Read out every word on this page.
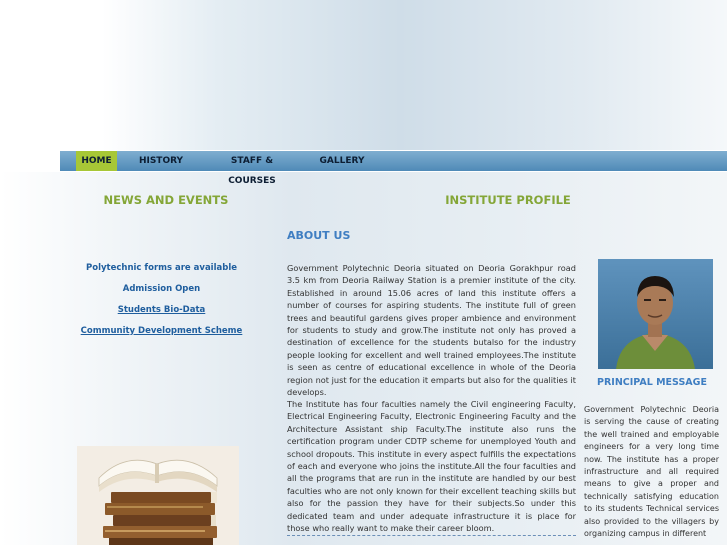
HOME	HISTORY	STAFF & COURSES
GALLERY
NEWS AND EVENTS	INSTITUTE PROFILE
Polytechnic forms are available
Admission Open
Students Bio-Data
Community Development Scheme
ABOUT US

Government Polytechnic Deoria situated on Deoria Gorakhpur road 3.5 km from Deoria Railway Station is a premier institute of the city. Established in around 15.06 acres of land this institute offers a number of courses for aspiring students. The institute full of green trees and beautiful gardens gives proper ambience and environment for students to study and grow.The institute not only has proved a destination of excellence for the students butalso for the industry people looking for excellent and well trained employees.The institute is seen as centre of educational excellence in whole of the Deoria region not just for the education it emparts but also for the qualities it develops.

The Institute has four faculties namely the Civil engineering Faculty, Electrical Engineering Faculty, Electronic Engineering Faculty and the Architecture Assistant ship Faculty.The institute also runs the certification program under CDTP scheme for unemployed Youth and school dropouts. This institute in every aspect fulfills the expectations of each and everyone who joins the institute.All the four faculties and all the programs that are run in the institute are handled by our best faculties who are not only known for their excellent teaching skills but also for the passion they have for their subjects.So under this dedicated team and under adequate infrastructure it is place for those who really want to make their career bloom.

PRINCIPAL MESSAGE

Government Polytechnic Deoria is serving the cause of creating the well trained and employable engineers for a very long time now. The institute has a proper infrastructure and all required means to give a proper and technically satisfying education to its students Technical services also provided to the villagers by organizing campus in different
